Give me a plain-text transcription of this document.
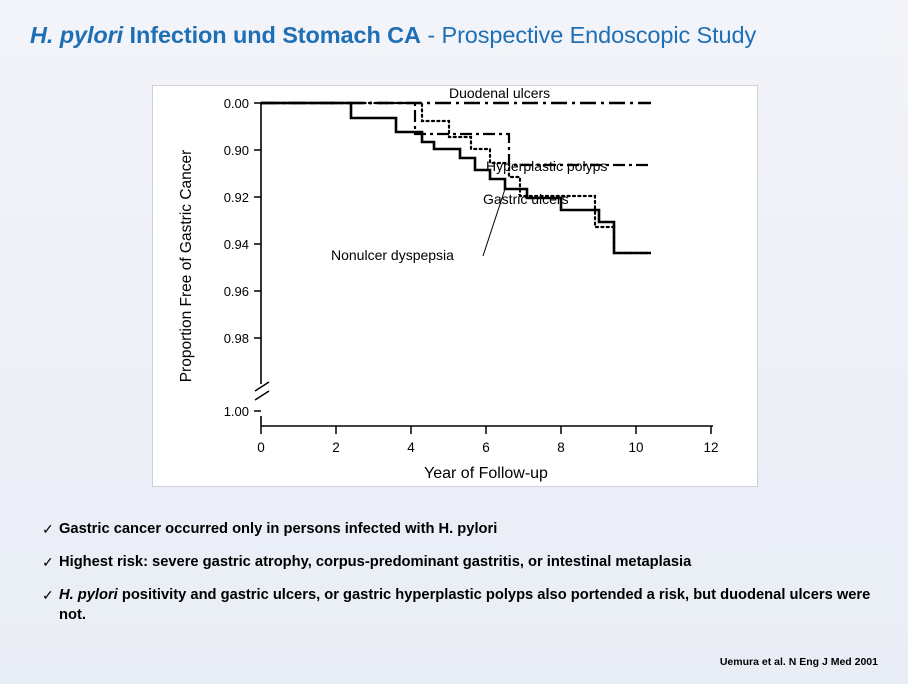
H. pylori Infection und Stomach CA - Prospective Endoscopic Study
0.00
0.90
0.92
0.94
0.96
0.98
1.00
0	2	4	6	8	10	12
Proportion Free of Gastric Cancer
Year of Follow-up
Duodenal ulcers
Hyperplastic polyps
Gastric ulcers
Nonulcer dyspepsia
✓ Gastric cancer occurred only in persons infected with H. pylori
✓ Highest risk: severe gastric atrophy, corpus-predominant gastritis, or intestinal metaplasia
✓ H. pylori positivity and gastric ulcers, or gastric hyperplastic polyps also portended a risk, but duodenal ulcers were not.
Uemura et al. N Eng J Med 2001
